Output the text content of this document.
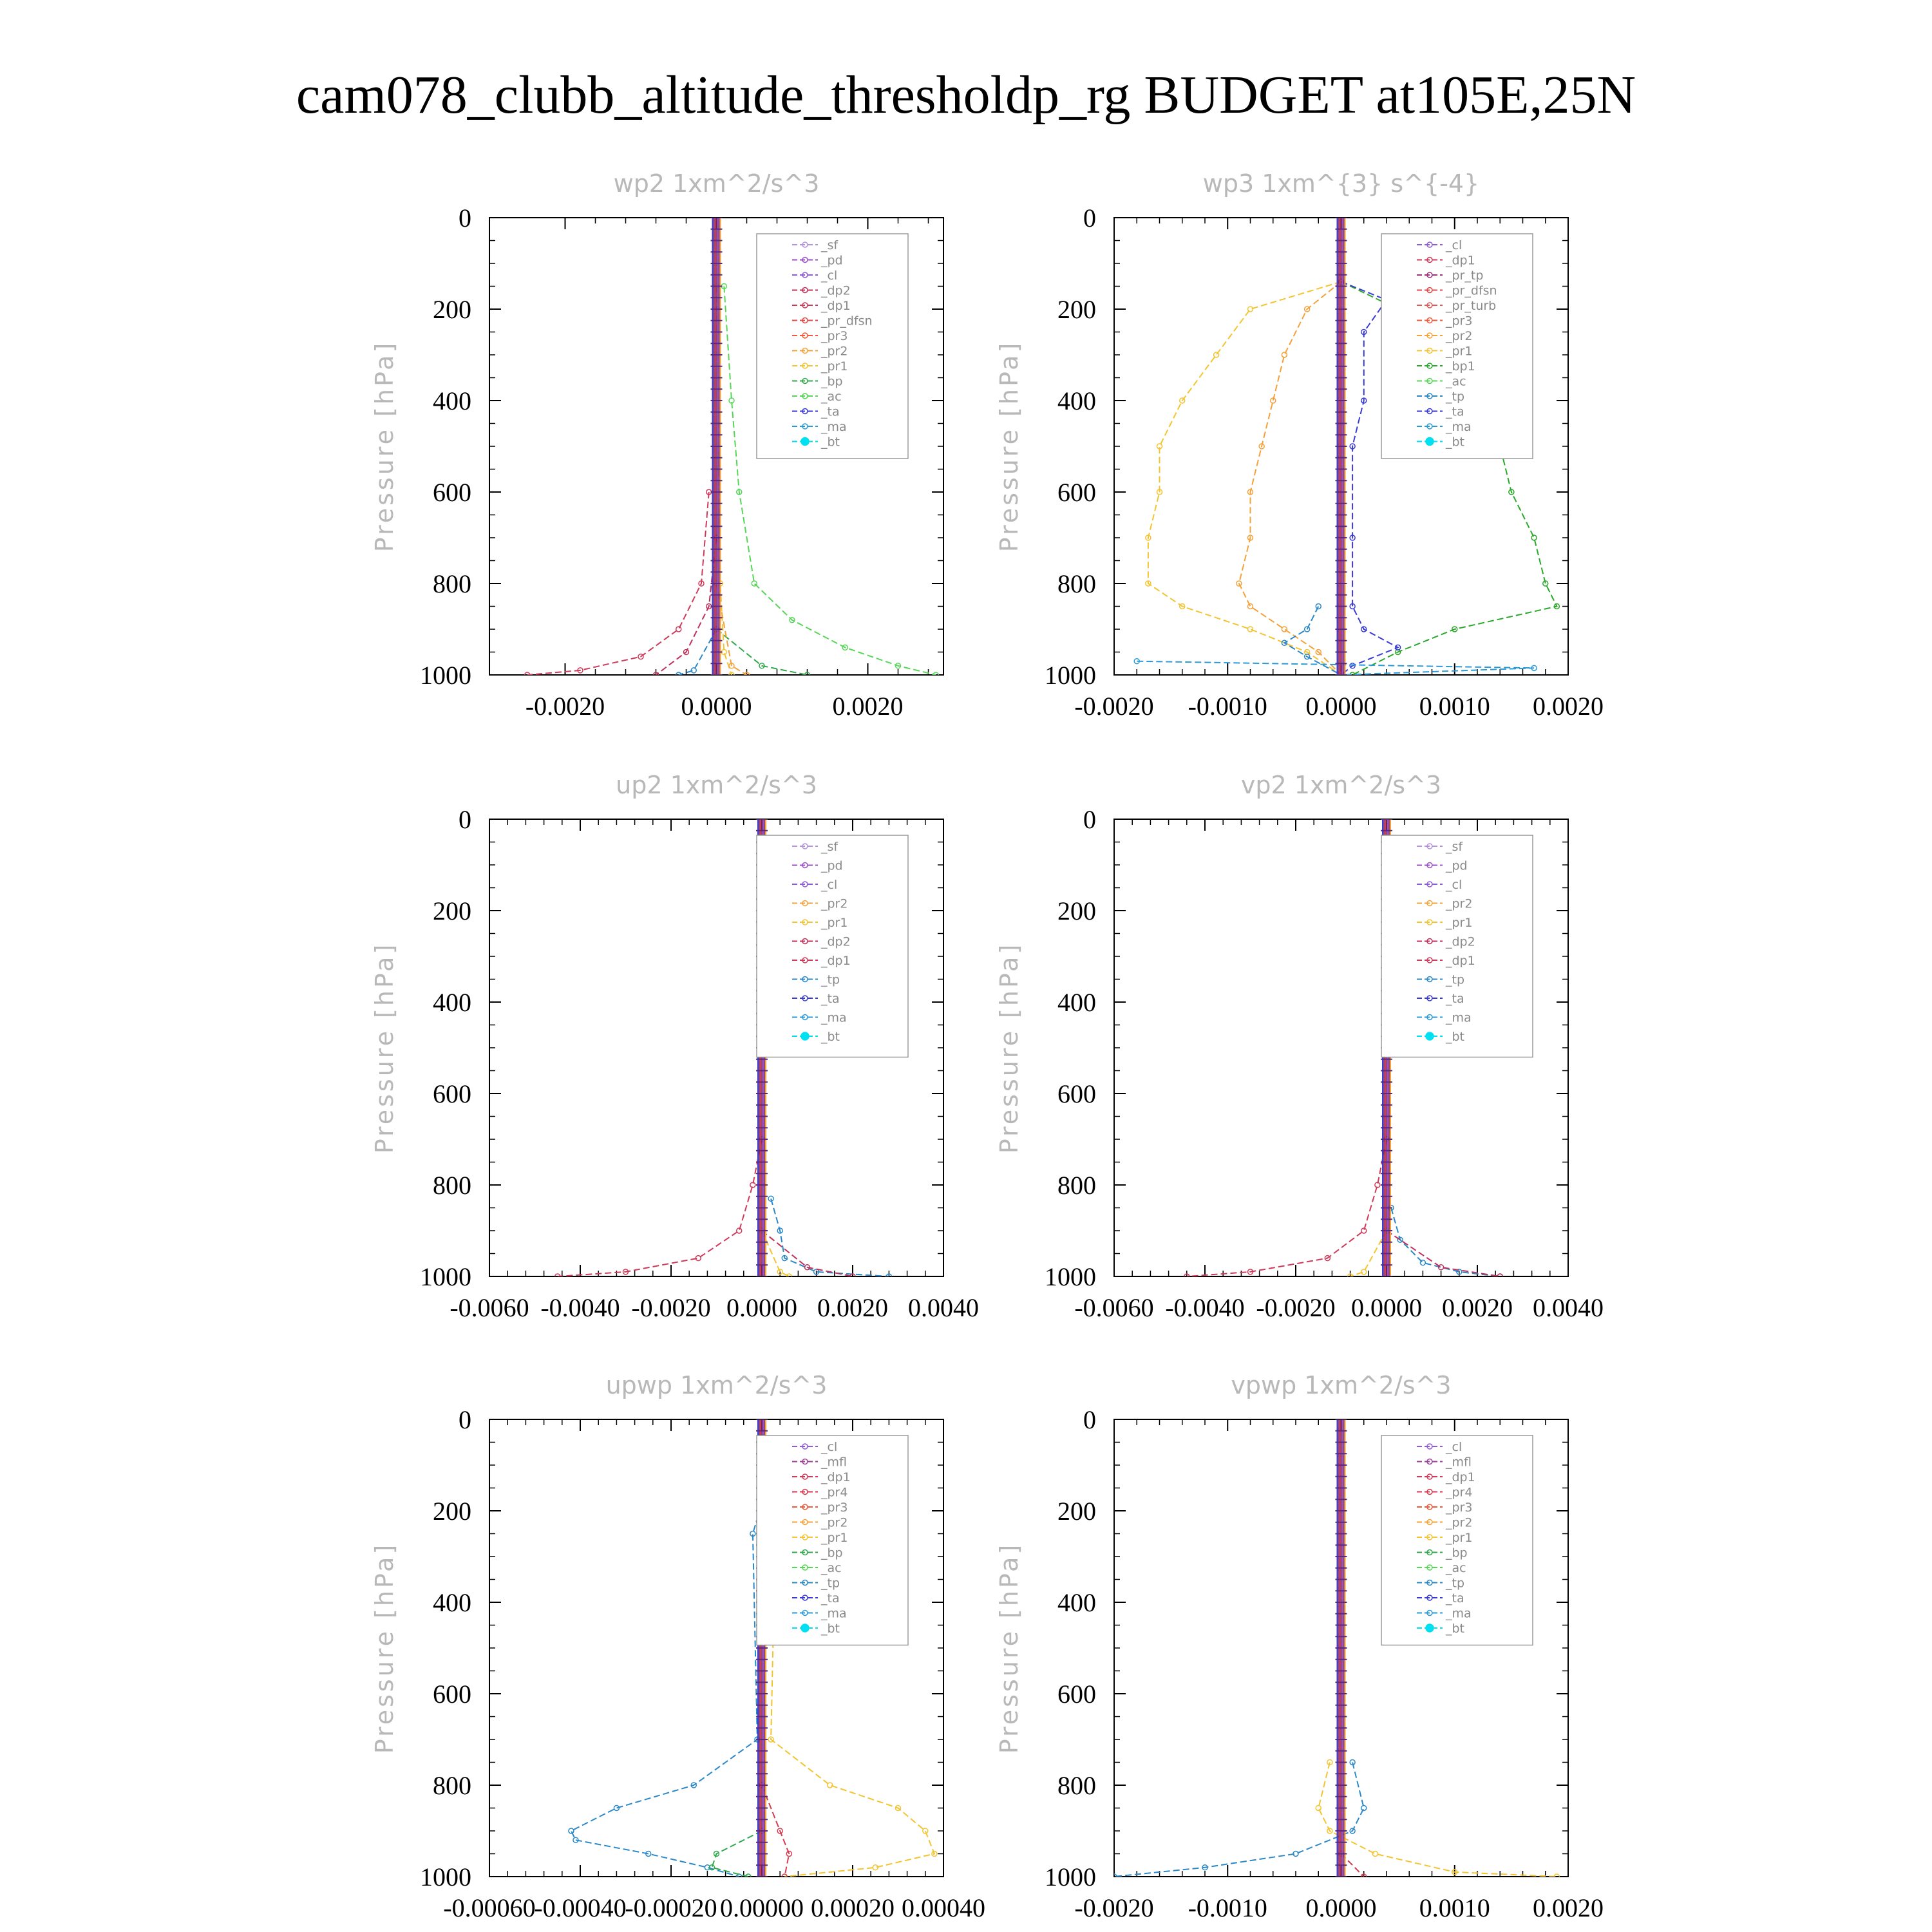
cam078_clubb_altitude_thresholdp_rg BUDGET at105E,25N
wp2 1xm^2/s^3
Pressure [hPa]
0
200
400
600
800
1000
-0.0020	0.0000	0.0020
_sf
_pd
_cl
_dp2
_dp1
_pr_dfsn
_pr3
_pr2
_pr1
_bp
_ac
_ta
_ma
_bt
wp3 1xm^{3} s^{-4}
Pressure [hPa]
0
200
400
600
800
1000
-0.0020 -0.0010 0.0000 0.0010 0.0020
_cl
_dp1
_pr_tp
_pr_dfsn
_pr_turb
_pr3
_pr2
_pr1
_bp1
_ac
_tp
_ta
_ma
_bt
up2 1xm^2/s^3
Pressure [hPa]
0
200
400
600
800
1000
-0.0060 -0.0040 -0.0020 0.0000 0.0020 0.0040
_sf
_pd
_cl
_pr2
_pr1
_dp2
_dp1
_tp
_ta
_ma
_bt
vp2 1xm^2/s^3
Pressure [hPa]
0
200
400
600
800
1000
-0.0060 -0.0040 -0.0020 0.0000 0.0020 0.0040
_sf
_pd
_cl
_pr2
_pr1
_dp2
_dp1
_tp
_ta
_ma
_bt
upwp 1xm^2/s^3
Pressure [hPa]
0
200
400
600
800
1000
-0.00060
-0.00040
-0.00020 0.00000 0.00020 0.00040
_cl
_mfl
_dp1
_pr4
_pr3
_pr2
_pr1
_bp
_ac
_tp
_ta
_ma
_bt
vpwp 1xm^2/s^3
Pressure [hPa]
0
200
400
600
800
1000
-0.0020 -0.0010 0.0000 0.0010 0.0020
_cl
_mfl
_dp1
_pr4
_pr3
_pr2
_pr1
_bp
_ac
_tp
_ta
_ma
_bt
